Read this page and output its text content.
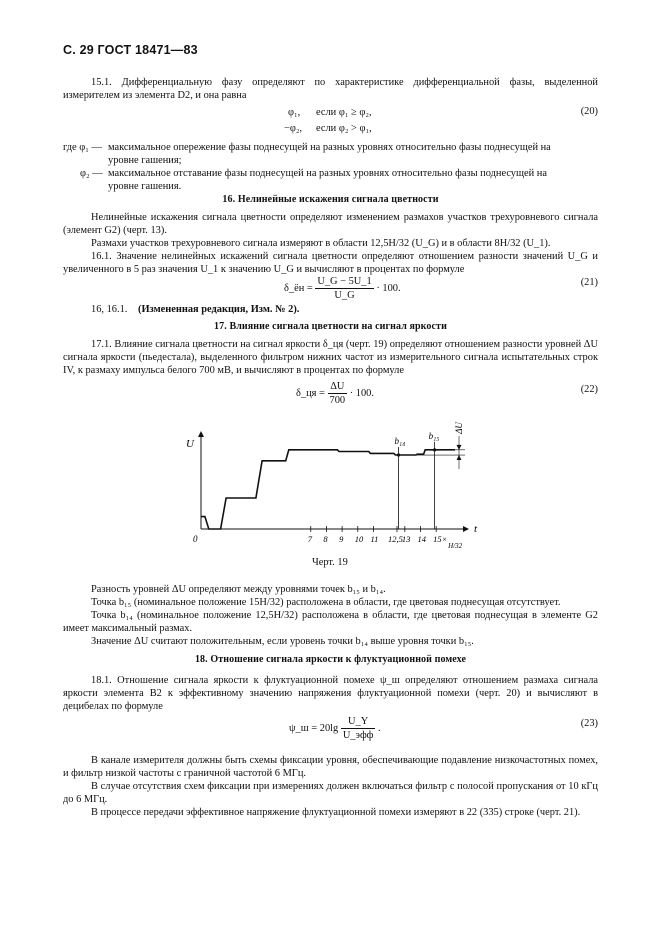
С. 29 ГОСТ 18471—83
15.1. Дифференциальную фазу определяют по характеристике дифференциальной фазы, выделенной измерителем из элемента D2, и она равна
φ₁, если φ₁ ≥ φ₂,
−φ₂, если φ₂ > φ₁,
(20)
где φ₁ — максимальное опережение фазы поднесущей на разных уровнях относительно фазы поднесущей на
уровне гашения;
φ₂ — максимальное отставание фазы поднесущей на разных уровнях относительно фазы поднесущей на
уровне гашения.
16. Нелинейные искажения сигнала цветности
Нелинейные искажения сигнала цветности определяют изменением размахов участков трехуровневого сигнала (элемент G2) (черт. 13).
Размахи участков трехуровневого сигнала измеряют в области 12,5H/32 (U_G) и в области 8H/32 (U_1).
16.1. Значение нелинейных искажений сигнала цветности определяют отношением разности значений U_G и увеличенного в 5 раз значения U_1 к значению U_G и вычисляют в процентах по формуле
δ_ён = $\frac{U\_G - 5U\_1}{U\_G} \cdot 100$.
(21)
16, 16.1. (Измененная редакция, Изм. № 2).
17. Влияние сигнала цветности на сигнал яркости
17.1. Влияние сигнала цветности на сигнал яркости δ_ця (черт. 19) определяют отношением разности уровней ΔU сигнала яркости (пьедестала), выделенного фильтром нижних частот из измерительного сигнала испытательных строк IV, к размаху импульса белого 700 мВ, и вычисляют в процентах по формуле
δ_ця = $\frac{\Delta U}{700} \cdot 100$.	(22)
U
t
0	7 8 9 10 11 12,5
13 14 15×
H/32
b₁₄
b₁₅
ΔU
Черт. 19
Разность уровней ΔU определяют между уровнями точек b₁₅ и b₁₄.
Точка b₁₅ (номинальное положение 15H/32) расположена в области, где цветовая поднесущая отсутствует.
Точка b₁₄ (номинальное положение 12,5H/32) расположена в области, где цветовая поднесущая в элементе G2 имеет максимальный размах.
Значение ΔU считают положительным, если уровень точки b₁₄ выше уровня точки b₁₅.
18. Отношение сигнала яркости к флуктуационной помехе
18.1. Отношение сигнала яркости к флуктуационной помехе ψ_ш определяют отношением размаха сигнала яркости элемента B2 к эффективному значению напряжения флуктуационной помехи (черт. 20) и вычисляют в децибелах по формуле
ψ_ш = $20\lg \frac{U\_Y}{\text{U\_эфф}}$ .	(23)
В канале измерителя должны быть схемы фиксации уровня, обеспечивающие подавление низкочастотных помех, и фильтр низкой частоты с граничной частотой 6 МГц.
В случае отсутствия схем фиксации при измерениях должен включаться фильтр с полосой пропускания от 10 кГц до 6 МГц.
В процессе передачи эффективное напряжение флуктуационной помехи измеряют в 22 (335) строке (черт. 21).
